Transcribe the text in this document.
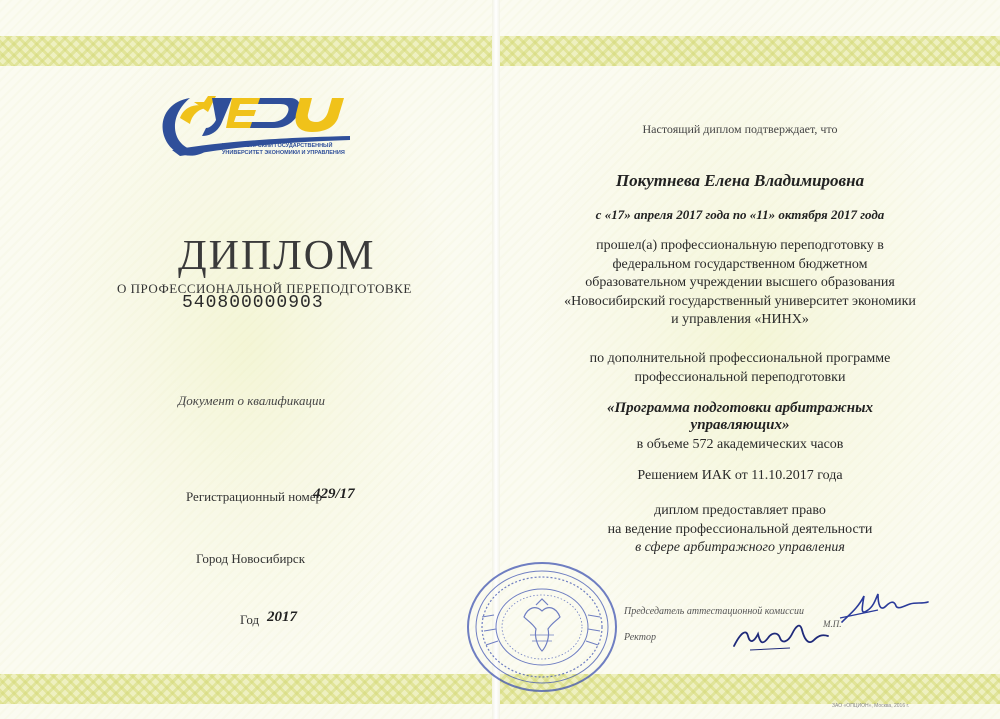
НОВОСИБИРСКИЙ ГОСУДАРСТВЕННЫЙ УНИВЕРСИТЕТ ЭКОНОМИКИ И УПРАВЛЕНИЯ
ДИПЛОМ
О ПРОФЕССИОНАЛЬНОЙ ПЕРЕПОДГОТОВКЕ
540800000903
Документ о квалификации
Регистрационный номер
429/17
Город Новосибирск
Год 2017
Настоящий диплом подтверждает, что
Покутнева Елена Владимировна
с «17» апреля 2017 года по «11» октября 2017 года
прошел(а) профессиональную переподготовку в
федеральном государственном бюджетном
образовательном учреждении высшего образования
«Новосибирский государственный университет экономики
и управления «НИНХ»
по дополнительной профессиональной программе
профессиональной переподготовки
«Программа подготовки арбитражных
управляющих»
в объеме 572 академических часов
Решением ИАК от 11.10.2017 года
диплом предоставляет право
на ведение профессиональной деятельности
в сфере арбитражного управления
Председатель аттестационной комиссии
М.П.
Ректор
ЗАО «ОПЦИОН», Москва, 2016 г.
